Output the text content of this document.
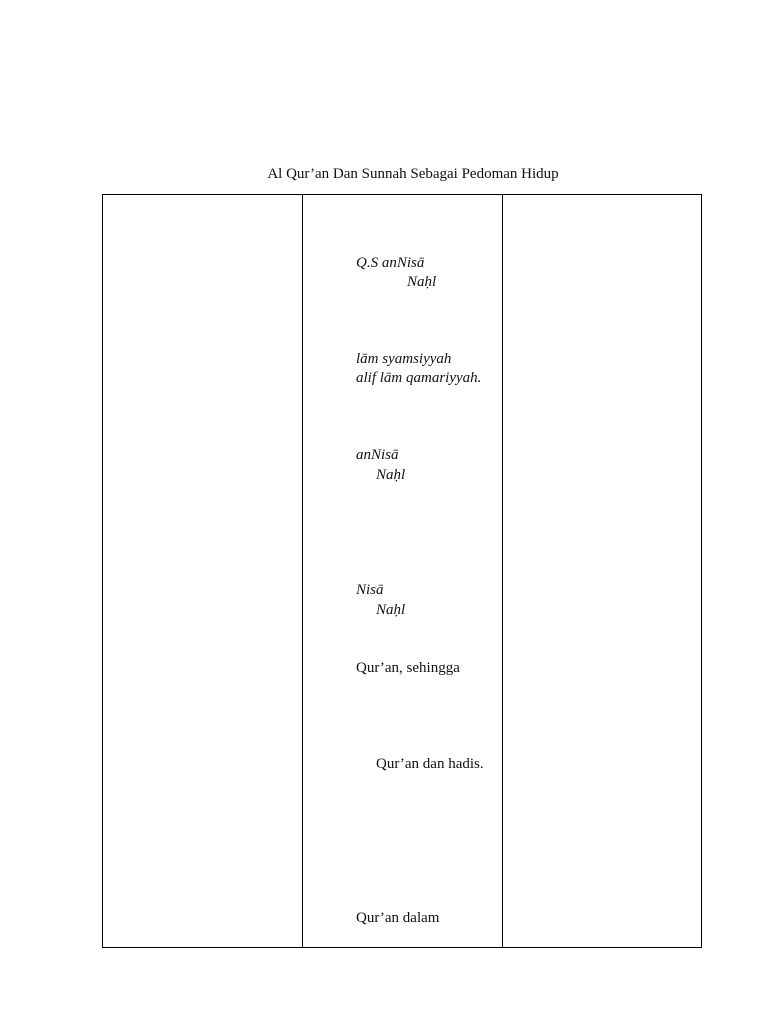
Al Qur’an Dan Sunnah Sebagai Pedoman Hidup
Q.S anNisā
Naḥl
lām syamsiyyah
alif lām qamariyyah.
anNisā
Naḥl
Nisā
Naḥl
Qur’an, sehingga
Qur’an dan hadis.
Qur’an dalam
